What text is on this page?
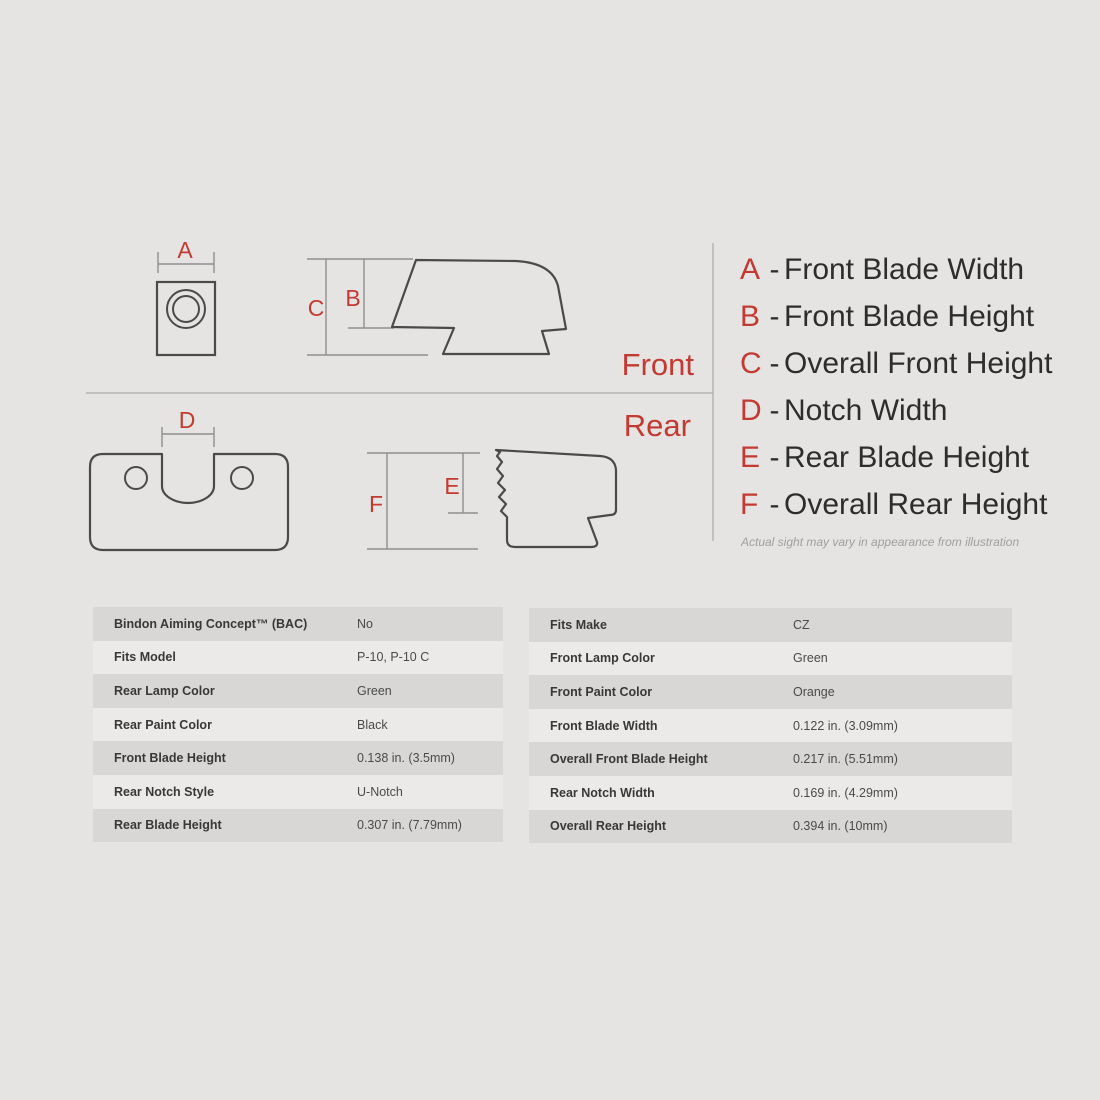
A
C B
D
F
E
Front
Rear
A - Front Blade Width
B - Front Blade Height
C - Overall Front Height
D - Notch Width
E - Rear Blade Height
F - Overall Rear Height
Actual sight may vary in appearance from illustration
Bindon Aiming Concept™ (BAC)	No
Fits Model	P-10, P-10 C
Rear Lamp Color	Green
Rear Paint Color	Black
Front Blade Height	0.138 in. (3.5mm)
Rear Notch Style	U-Notch
Rear Blade Height	0.307 in. (7.79mm)
Fits Make	CZ
Front Lamp Color	Green
Front Paint Color	Orange
Front Blade Width	0.122 in. (3.09mm)
Overall Front Blade Height	0.217 in. (5.51mm)
Rear Notch Width	0.169 in. (4.29mm)
Overall Rear Height	0.394 in. (10mm)
